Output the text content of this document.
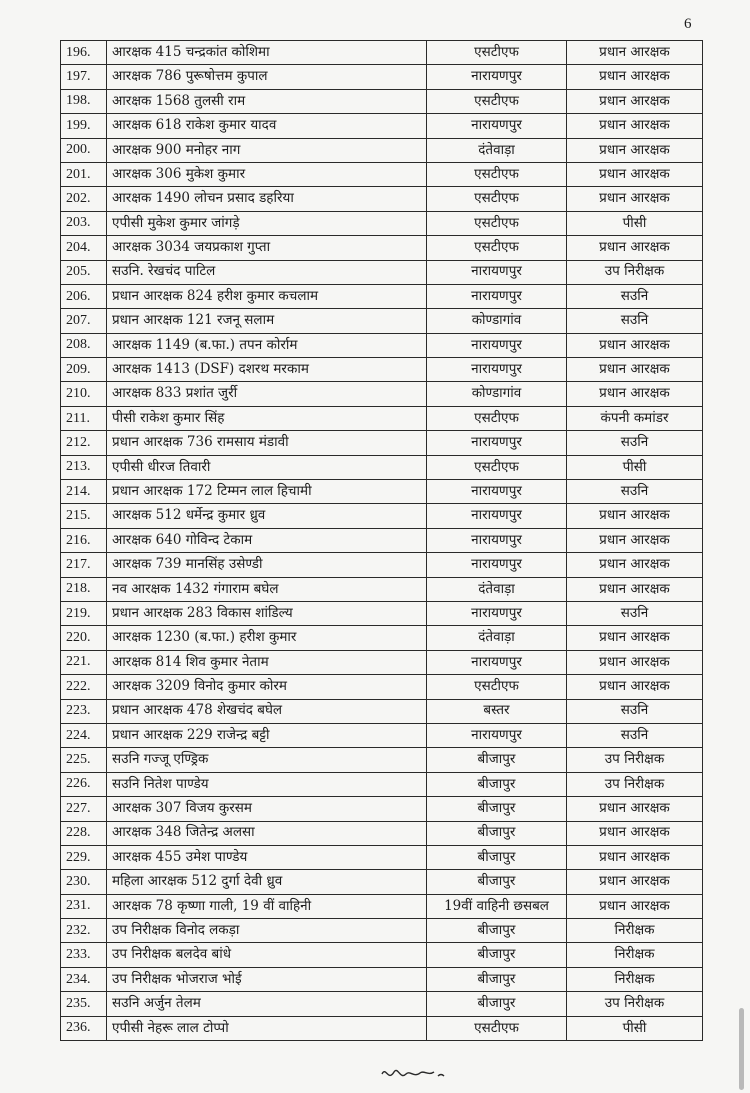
6
196.	आरक्षक 415 चन्द्रकांत कोशिमा	एसटीएफ	प्रधान आरक्षक
197.	आरक्षक 786 पुरूषोत्तम कुपाल	नारायणपुर	प्रधान आरक्षक
198.	आरक्षक 1568 तुलसी राम	एसटीएफ	प्रधान आरक्षक
199.	आरक्षक 618 राकेश कुमार यादव	नारायणपुर	प्रधान आरक्षक
200.	आरक्षक 900 मनोहर नाग	दंतेवाड़ा	प्रधान आरक्षक
201.	आरक्षक 306 मुकेश कुमार	एसटीएफ	प्रधान आरक्षक
202.	आरक्षक 1490 लोचन प्रसाद डहरिया	एसटीएफ	प्रधान आरक्षक
203.	एपीसी मुकेश कुमार जांगड़े	एसटीएफ	पीसी
204.	आरक्षक 3034 जयप्रकाश गुप्ता	एसटीएफ	प्रधान आरक्षक
205.	सउनि. रेखचंद पाटिल	नारायणपुर	उप निरीक्षक
206.	प्रधान आरक्षक 824 हरीश कुमार कचलाम	नारायणपुर	सउनि
207.	प्रधान आरक्षक 121 रजनू सलाम	कोण्डागांव	सउनि
208.	आरक्षक 1149 (ब.फा.) तपन कोर्राम	नारायणपुर	प्रधान आरक्षक
209.	आरक्षक 1413 (DSF) दशरथ मरकाम	नारायणपुर	प्रधान आरक्षक
210.	आरक्षक 833 प्रशांत जुर्री	कोण्डागांव	प्रधान आरक्षक
211.	पीसी राकेश कुमार सिंह	एसटीएफ	कंपनी कमांडर
212.	प्रधान आरक्षक 736 रामसाय मंडावी	नारायणपुर	सउनि
213.	एपीसी धीरज तिवारी	एसटीएफ	पीसी
214.	प्रधान आरक्षक 172 टिम्मन लाल हिचामी	नारायणपुर	सउनि
215.	आरक्षक 512 धर्मेन्द्र कुमार ध्रुव	नारायणपुर	प्रधान आरक्षक
216.	आरक्षक 640 गोविन्द टेकाम	नारायणपुर	प्रधान आरक्षक
217.	आरक्षक 739 मानसिंह उसेण्डी	नारायणपुर	प्रधान आरक्षक
218.	नव आरक्षक 1432 गंगाराम बघेल	दंतेवाड़ा	प्रधान आरक्षक
219.	प्रधान आरक्षक 283 विकास शांडिल्य	नारायणपुर	सउनि
220.	आरक्षक 1230 (ब.फा.) हरीश कुमार	दंतेवाड़ा	प्रधान आरक्षक
221.	आरक्षक 814 शिव कुमार नेताम	नारायणपुर	प्रधान आरक्षक
222.	आरक्षक 3209 विनोद कुमार कोरम	एसटीएफ	प्रधान आरक्षक
223.	प्रधान आरक्षक 478 शेखचंद बघेल	बस्तर	सउनि
224.	प्रधान आरक्षक 229 राजेन्द्र बट्टी	नारायणपुर	सउनि
225.	सउनि गज्जू एण्ड्रिक	बीजापुर	उप निरीक्षक
226.	सउनि नितेश पाण्डेय	बीजापुर	उप निरीक्षक
227.	आरक्षक 307 विजय कुरसम	बीजापुर	प्रधान आरक्षक
228.	आरक्षक 348 जितेन्द्र अलसा	बीजापुर	प्रधान आरक्षक
229.	आरक्षक 455 उमेश पाण्डेय	बीजापुर	प्रधान आरक्षक
230.	महिला आरक्षक 512 दुर्गा देवी ध्रुव	बीजापुर	प्रधान आरक्षक
231.	आरक्षक 78 कृष्णा गाली, 19 वीं वाहिनी	19वीं वाहिनी छसबल	प्रधान आरक्षक
232.	उप निरीक्षक विनोद लकड़ा	बीजापुर	निरीक्षक
233.	उप निरीक्षक बलदेव बांधे	बीजापुर	निरीक्षक
234.	उप निरीक्षक भोजराज भोई	बीजापुर	निरीक्षक
235.	सउनि अर्जुन तेलम	बीजापुर	उप निरीक्षक
236.	एपीसी नेहरू लाल टोप्पो	एसटीएफ	पीसी
